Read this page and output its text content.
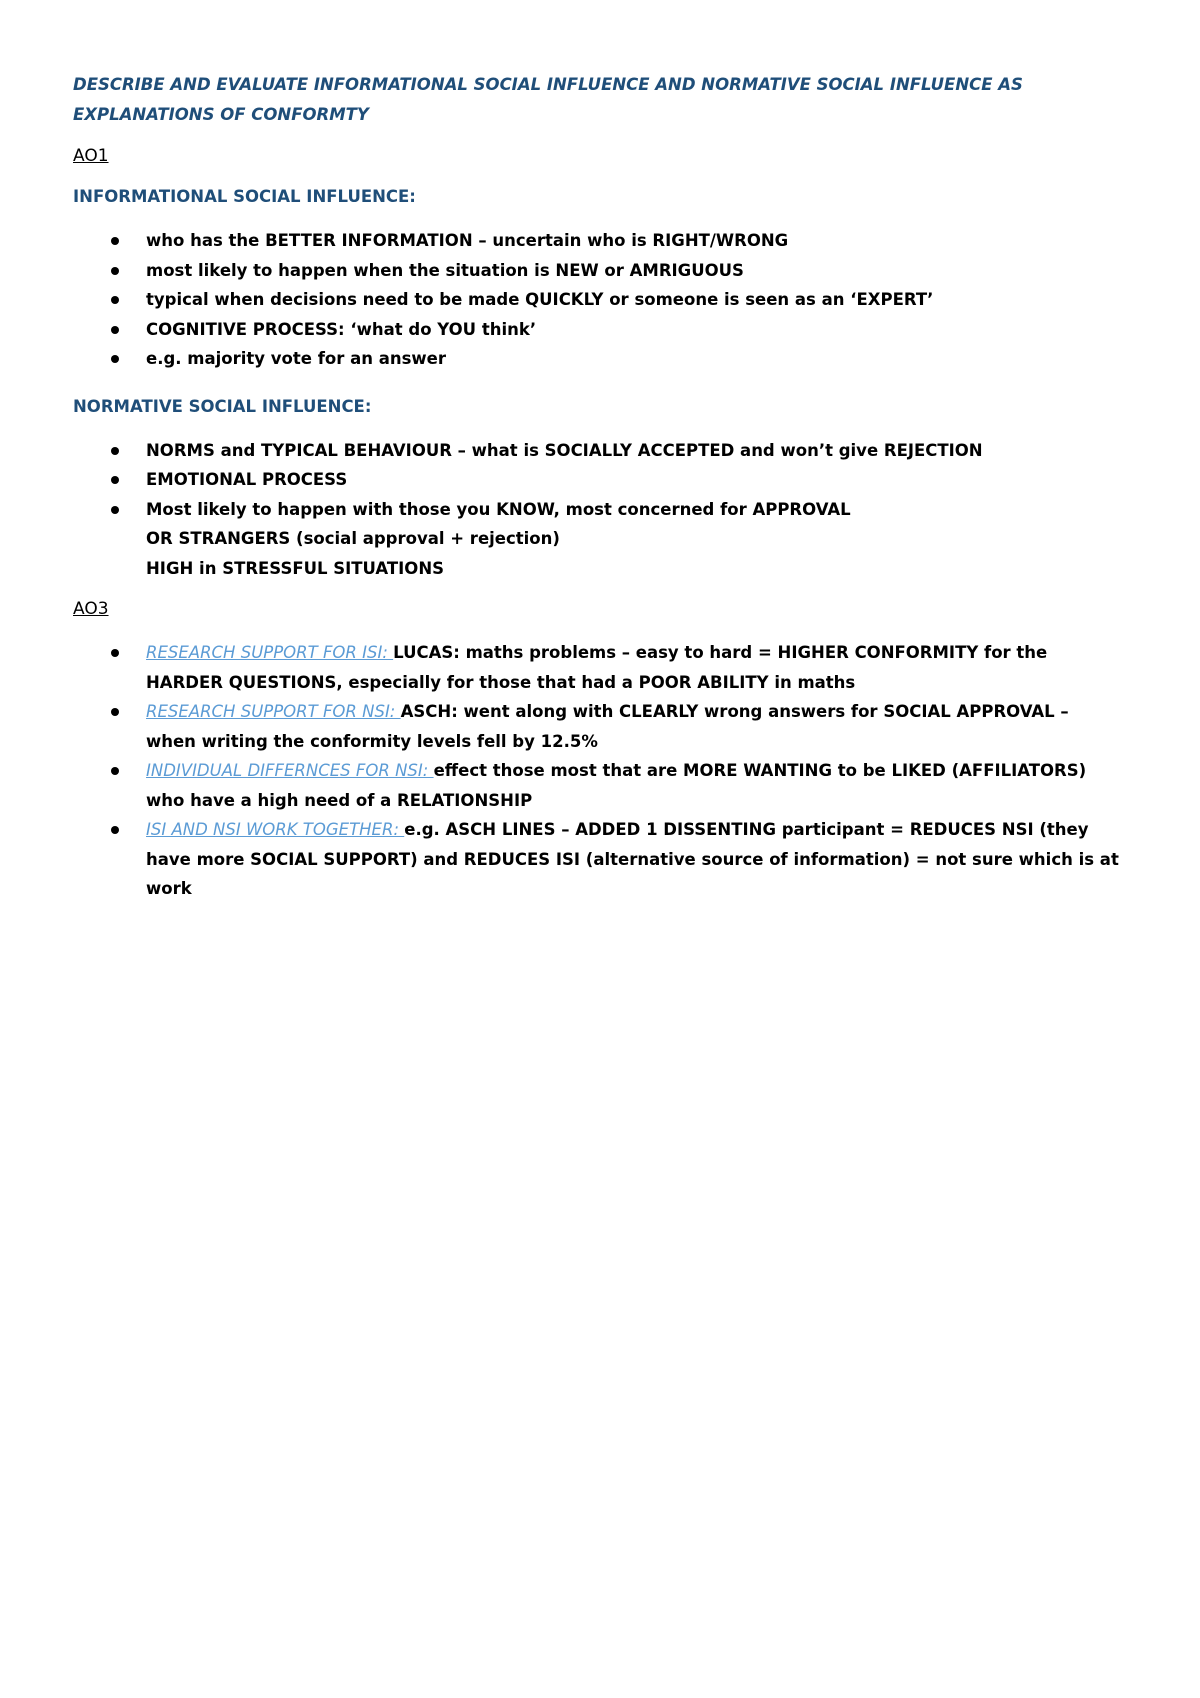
DESCRIBE AND EVALUATE INFORMATIONAL SOCIAL INFLUENCE AND NORMATIVE SOCIAL INFLUENCE AS

EXPLANATIONS OF CONFORMTY

AO1

INFORMATIONAL SOCIAL INFLUENCE:

who has the BETTER INFORMATION – uncertain who is RIGHT/WRONG
most likely to happen when the situation is NEW or AMRIGUOUS
typical when decisions need to be made QUICKLY or someone is seen as an ‘EXPERT’
COGNITIVE PROCESS: ‘what do YOU think’
e.g. majority vote for an answer

NORMATIVE SOCIAL INFLUENCE:

NORMS and TYPICAL BEHAVIOUR – what is SOCIALLY ACCEPTED and won’t give REJECTION
EMOTIONAL PROCESS
Most likely to happen with those you KNOW, most concerned for APPROVAL
OR STRANGERS (social approval + rejection)
HIGH in STRESSFUL SITUATIONS

AO3

RESEARCH SUPPORT FOR ISI: LUCAS: maths problems – easy to hard = HIGHER CONFORMITY for the
HARDER QUESTIONS, especially for those that had a POOR ABILITY in maths
RESEARCH SUPPORT FOR NSI: ASCH: went along with CLEARLY wrong answers for SOCIAL APPROVAL –
when writing the conformity levels fell by 12.5%
INDIVIDUAL DIFFERNCES FOR NSI: effect those most that are MORE WANTING to be LIKED (AFFILIATORS)
who have a high need of a RELATIONSHIP
ISI AND NSI WORK TOGETHER: e.g. ASCH LINES – ADDED 1 DISSENTING participant = REDUCES NSI (they
have more SOCIAL SUPPORT) and REDUCES ISI (alternative source of information) = not sure which is at
work
